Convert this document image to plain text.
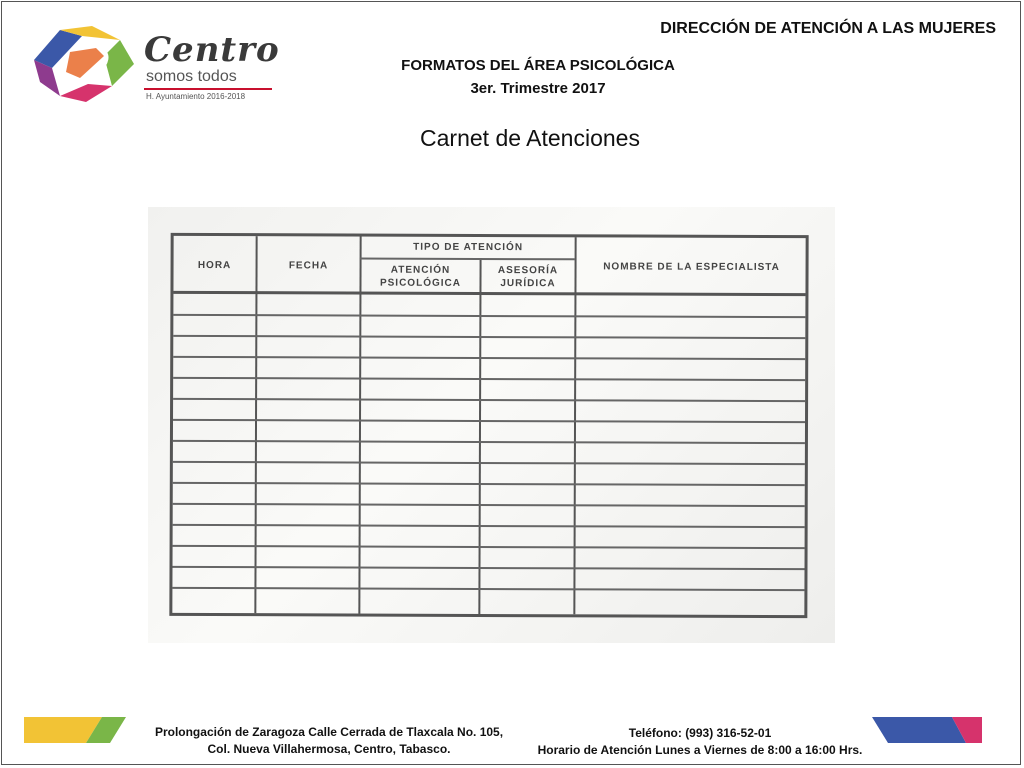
Centro
somos todos
H. Ayuntamiento 2016-2018
DIRECCIÓN DE ATENCIÓN A LAS MUJERES
FORMATOS DEL ÁREA PSICOLÓGICA
3er. Trimestre 2017
Carnet de Atenciones
HORA	FECHA
TIPO DE ATENCIÓN
ATENCIÓN
PSICOLÓGICA
ASESORÍA
JURÍDICA
NOMBRE DE LA ESPECIALISTA
Prolongación de Zaragoza Calle Cerrada de Tlaxcala No. 105,
Col. Nueva Villahermosa, Centro, Tabasco.
Teléfono: (993) 316-52-01
Horario de Atención Lunes a Viernes de 8:00 a 16:00 Hrs.
